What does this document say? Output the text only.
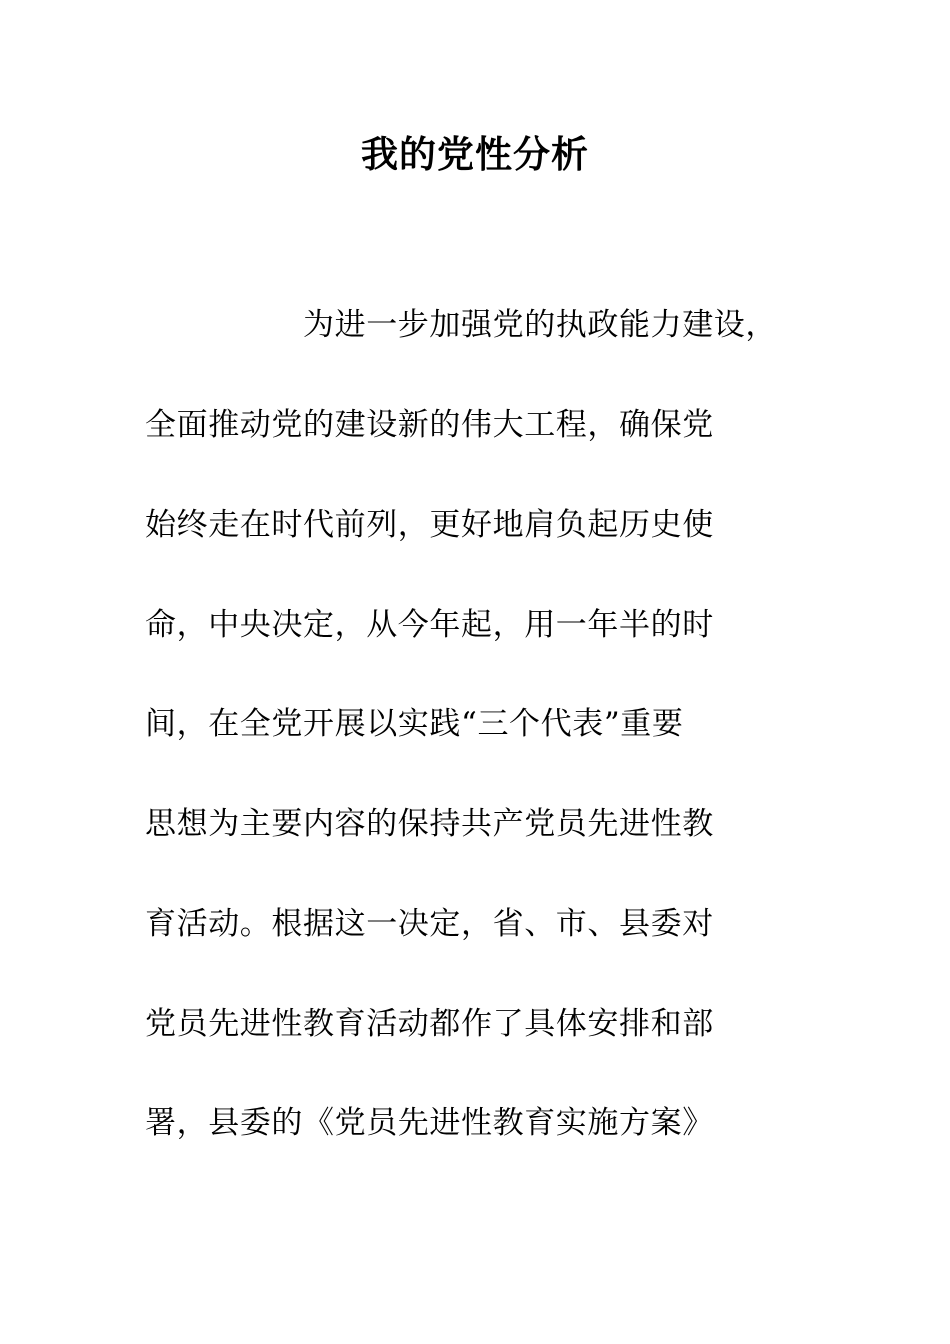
我的党性分析
为进一步加强党的执政能力建设，
全面推动党的建设新的伟大工程，确保党
始终走在时代前列，更好地肩负起历史使
命，中央决定，从今年起，用一年半的时
间，在全党开展以实践“三个代表”重要
思想为主要内容的保持共产党员先进性教
育活动。根据这一决定，省、市、县委对
党员先进性教育活动都作了具体安排和部
署，县委的《党员先进性教育实施方案》
